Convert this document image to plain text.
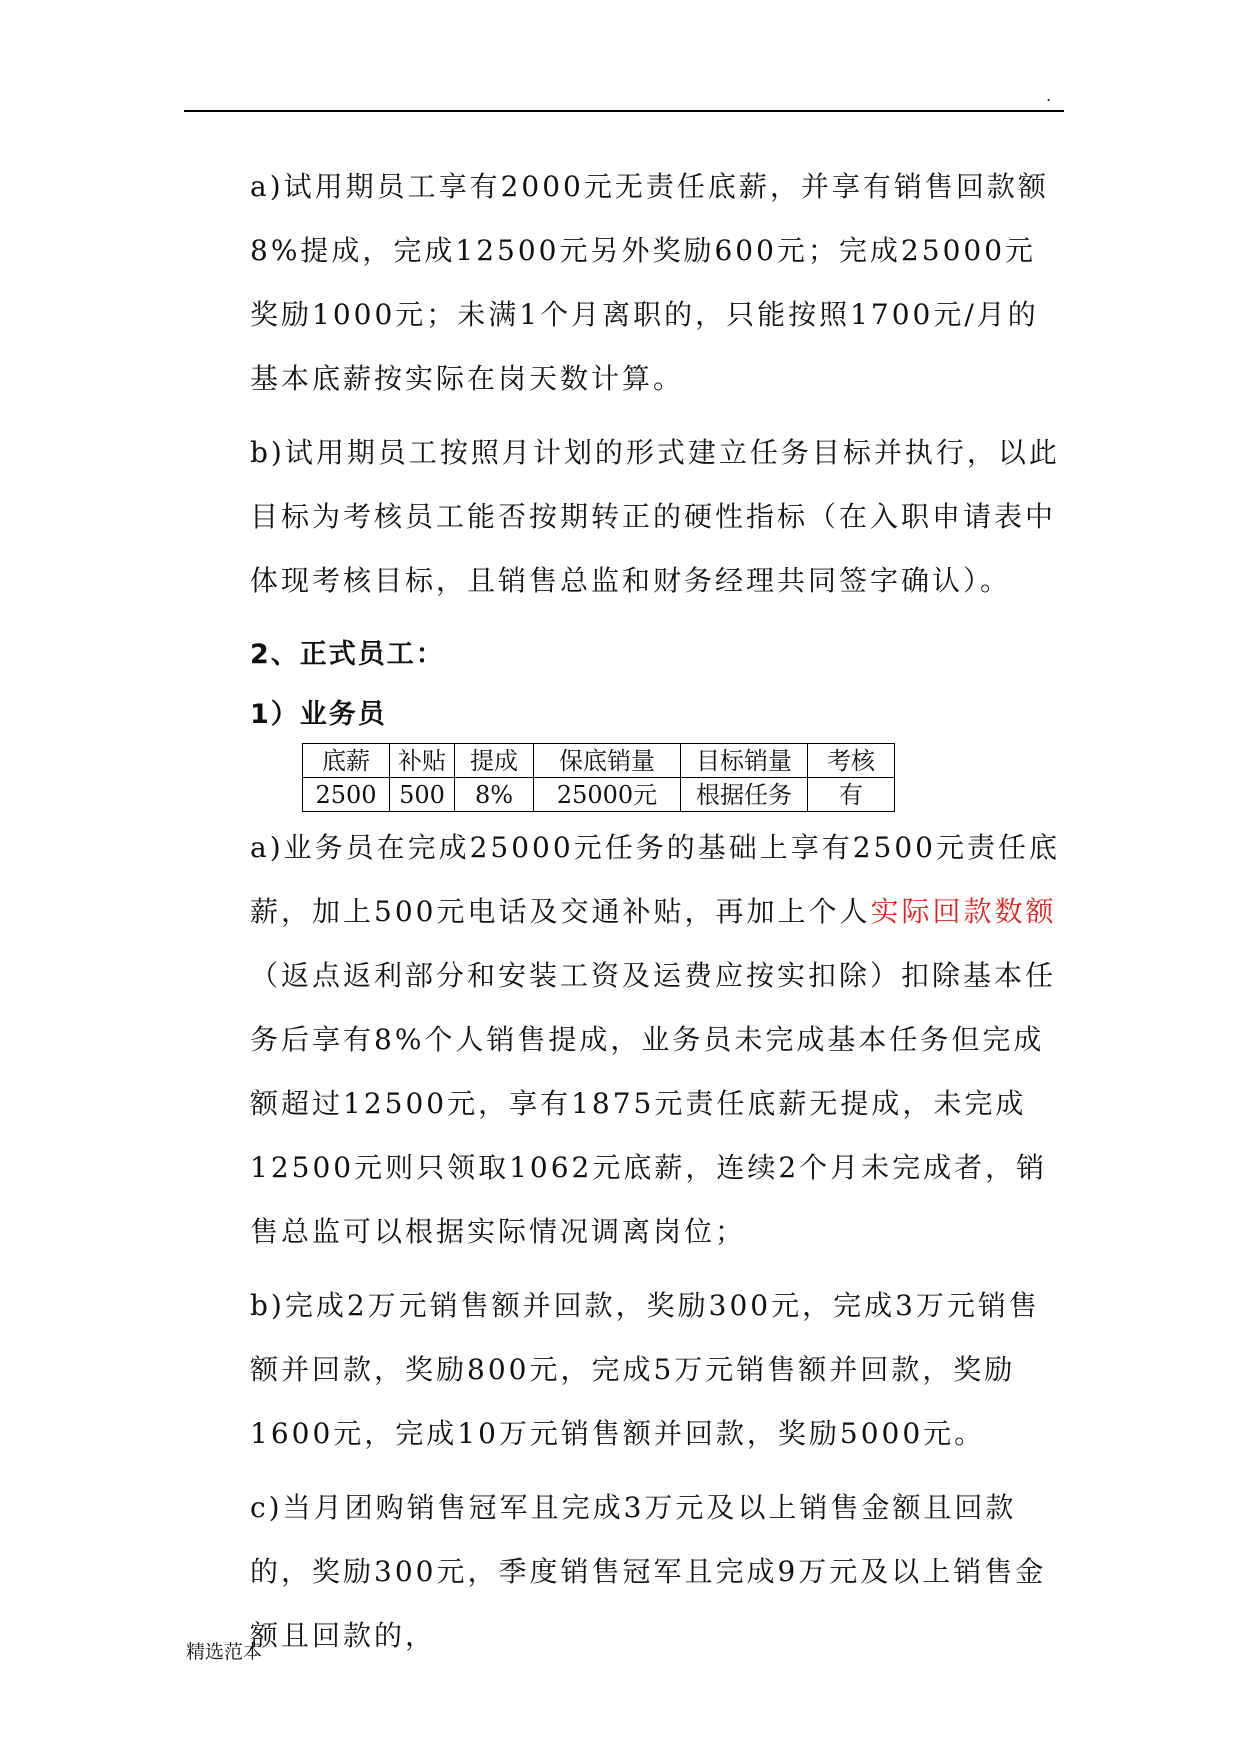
.

a)试用期员工享有2000元无责任底薪，并享有销售回款额8%提成，完成12500元另外奖励600元；完成25000元奖励1000元；未满1个月离职的，只能按照1700元/月的基本底薪按实际在岗天数计算。

b)试用期员工按照月计划的形式建立任务目标并执行，以此目标为考核员工能否按期转正的硬性指标（在入职申请表中体现考核目标，且销售总监和财务经理共同签字确认）。

2、正式员工：
1）业务员
底薪	补贴	提成	保底销量	目标销量	考核
2500	500	8%	25000元	根据任务	有

a)业务员在完成25000元任务的基础上享有2500元责任底薪，加上500元电话及交通补贴，再加上个人实际回款数额（返点返利部分和安装工资及运费应按实扣除）扣除基本任务后享有8%个人销售提成，业务员未完成基本任务但完成额超过12500元，享有1875元责任底薪无提成，未完成12500元则只领取1062元底薪，连续2个月未完成者，销售总监可以根据实际情况调离岗位；

b)完成2万元销售额并回款，奖励300元，完成3万元销售额并回款，奖励800元，完成5万元销售额并回款，奖励1600元，完成10万元销售额并回款，奖励5000元。

c)当月团购销售冠军且完成3万元及以上销售金额且回款的，奖励300元，季度销售冠军且完成9万元及以上销售金额且回款的，

精选范本
